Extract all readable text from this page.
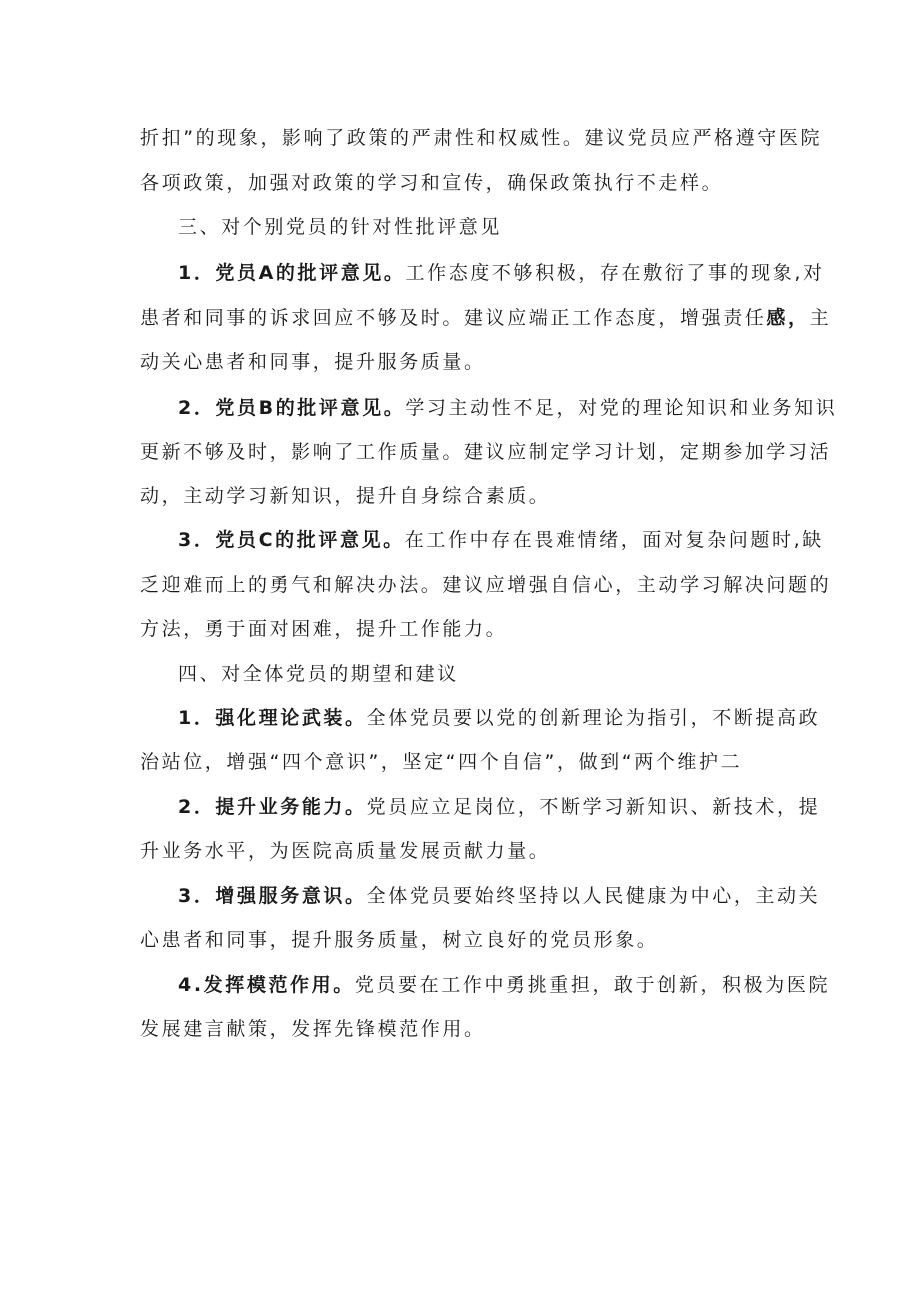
折扣”的现象，影响了政策的严肃性和权威性。建议党员应严格遵守医院
各项政策，加强对政策的学习和宣传，确保政策执行不走样。
三、对个别党员的针对性批评意见
1．党员A的批评意见。工作态度不够积极，存在敷衍了事的现象,对
患者和同事的诉求回应不够及时。建议应端正工作态度，增强责任感，主
动关心患者和同事，提升服务质量。
2．党员B的批评意见。学习主动性不足，对党的理论知识和业务知识
更新不够及时，影响了工作质量。建议应制定学习计划，定期参加学习活
动，主动学习新知识，提升自身综合素质。
3．党员C的批评意见。在工作中存在畏难情绪，面对复杂问题时,缺
乏迎难而上的勇气和解决办法。建议应增强自信心，主动学习解决问题的
方法，勇于面对困难，提升工作能力。
四、对全体党员的期望和建议
1．强化理论武装。全体党员要以党的创新理论为指引，不断提高政
治站位，增强“四个意识”，坚定“四个自信”，做到“两个维护二
2．提升业务能力。党员应立足岗位，不断学习新知识、新技术，提
升业务水平，为医院高质量发展贡献力量。
3．增强服务意识。全体党员要始终坚持以人民健康为中心，主动关
心患者和同事，提升服务质量，树立良好的党员形象。
4.发挥模范作用。党员要在工作中勇挑重担，敢于创新，积极为医院
发展建言献策，发挥先锋模范作用。
